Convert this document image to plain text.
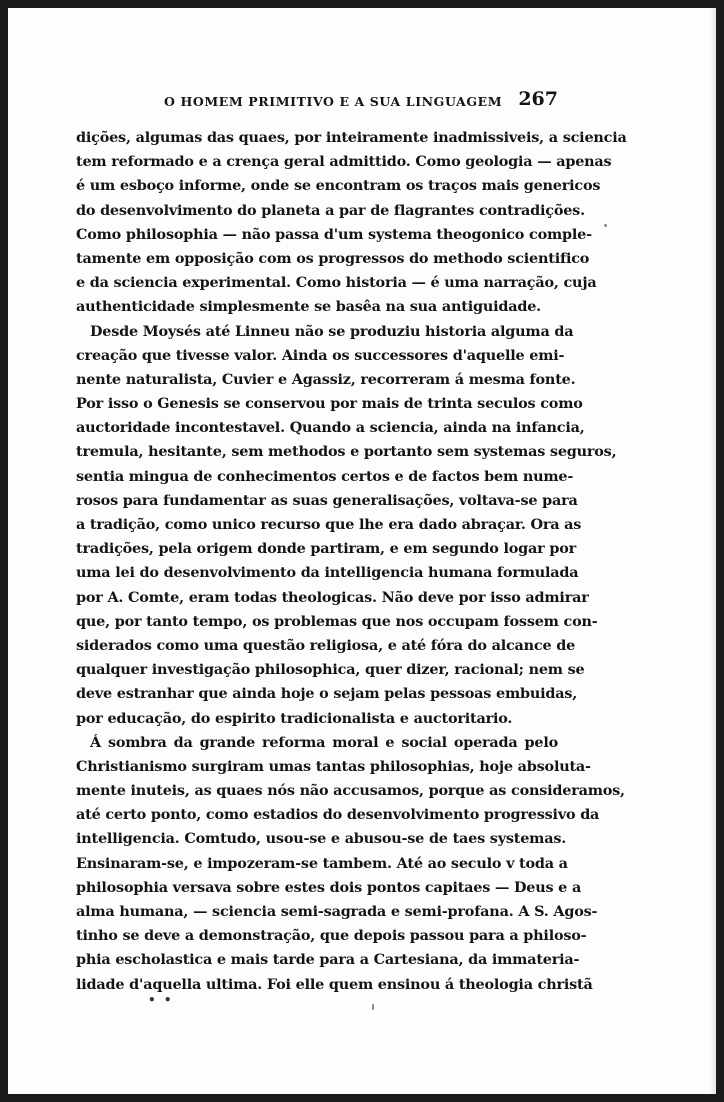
O HOMEM PRIMITIVO E A SUA LINGUAGEM 267
dições, algumas das quaes, por inteiramente inadmissiveis, a sciencia
tem reformado e a crença geral admittido. Como geologia — apenas
é um esboço informe, onde se encontram os traços mais genericos
do desenvolvimento do planeta a par de flagrantes contradições.
Como philosophia — não passa d'um systema theogonico comple-
tamente em opposição com os progressos do methodo scientifico
e da sciencia experimental. Como historia — é uma narração, cuja
authenticidade simplesmente se basêa na sua antiguidade.
Desde Moysés até Linneu não se produziu historia alguma da
creação que tivesse valor. Ainda os successores d'aquelle emi-
nente naturalista, Cuvier e Agassiz, recorreram á mesma fonte.
Por isso o Genesis se conservou por mais de trinta seculos como
auctoridade incontestavel. Quando a sciencia, ainda na infancia,
tremula, hesitante, sem methodos e portanto sem systemas seguros,
sentia mingua de conhecimentos certos e de factos bem nume-
rosos para fundamentar as suas generalisações, voltava-se para
a tradição, como unico recurso que lhe era dado abraçar. Ora as
tradições, pela origem donde partiram, e em segundo logar por
uma lei do desenvolvimento da intelligencia humana formulada
por A. Comte, eram todas theologicas. Não deve por isso admirar
que, por tanto tempo, os problemas que nos occupam fossem con-
siderados como uma questão religiosa, e até fóra do alcance de
qualquer investigação philosophica, quer dizer, racional; nem se
deve estranhar que ainda hoje o sejam pelas pessoas embuidas,
por educação, do espirito tradicionalista e auctoritario.
Á sombra da grande reforma moral e social operada pelo
Christianismo surgiram umas tantas philosophias, hoje absoluta-
mente inuteis, as quaes nós não accusamos, porque as consideramos,
até certo ponto, como estadios do desenvolvimento progressivo da
intelligencia. Comtudo, usou-se e abusou-se de taes systemas.
Ensinaram-se, e impozeram-se tambem. Até ao seculo v toda a
philosophia versava sobre estes dois pontos capitaes — Deus e a
alma humana, — sciencia semi-sagrada e semi-profana. A S. Agos-
tinho se deve a demonstração, que depois passou para a philoso-
phia escholastica e mais tarde para a Cartesiana, da immateria-
lidade d'aquella ultima. Foi elle quem ensinou á theologia christã
• •
